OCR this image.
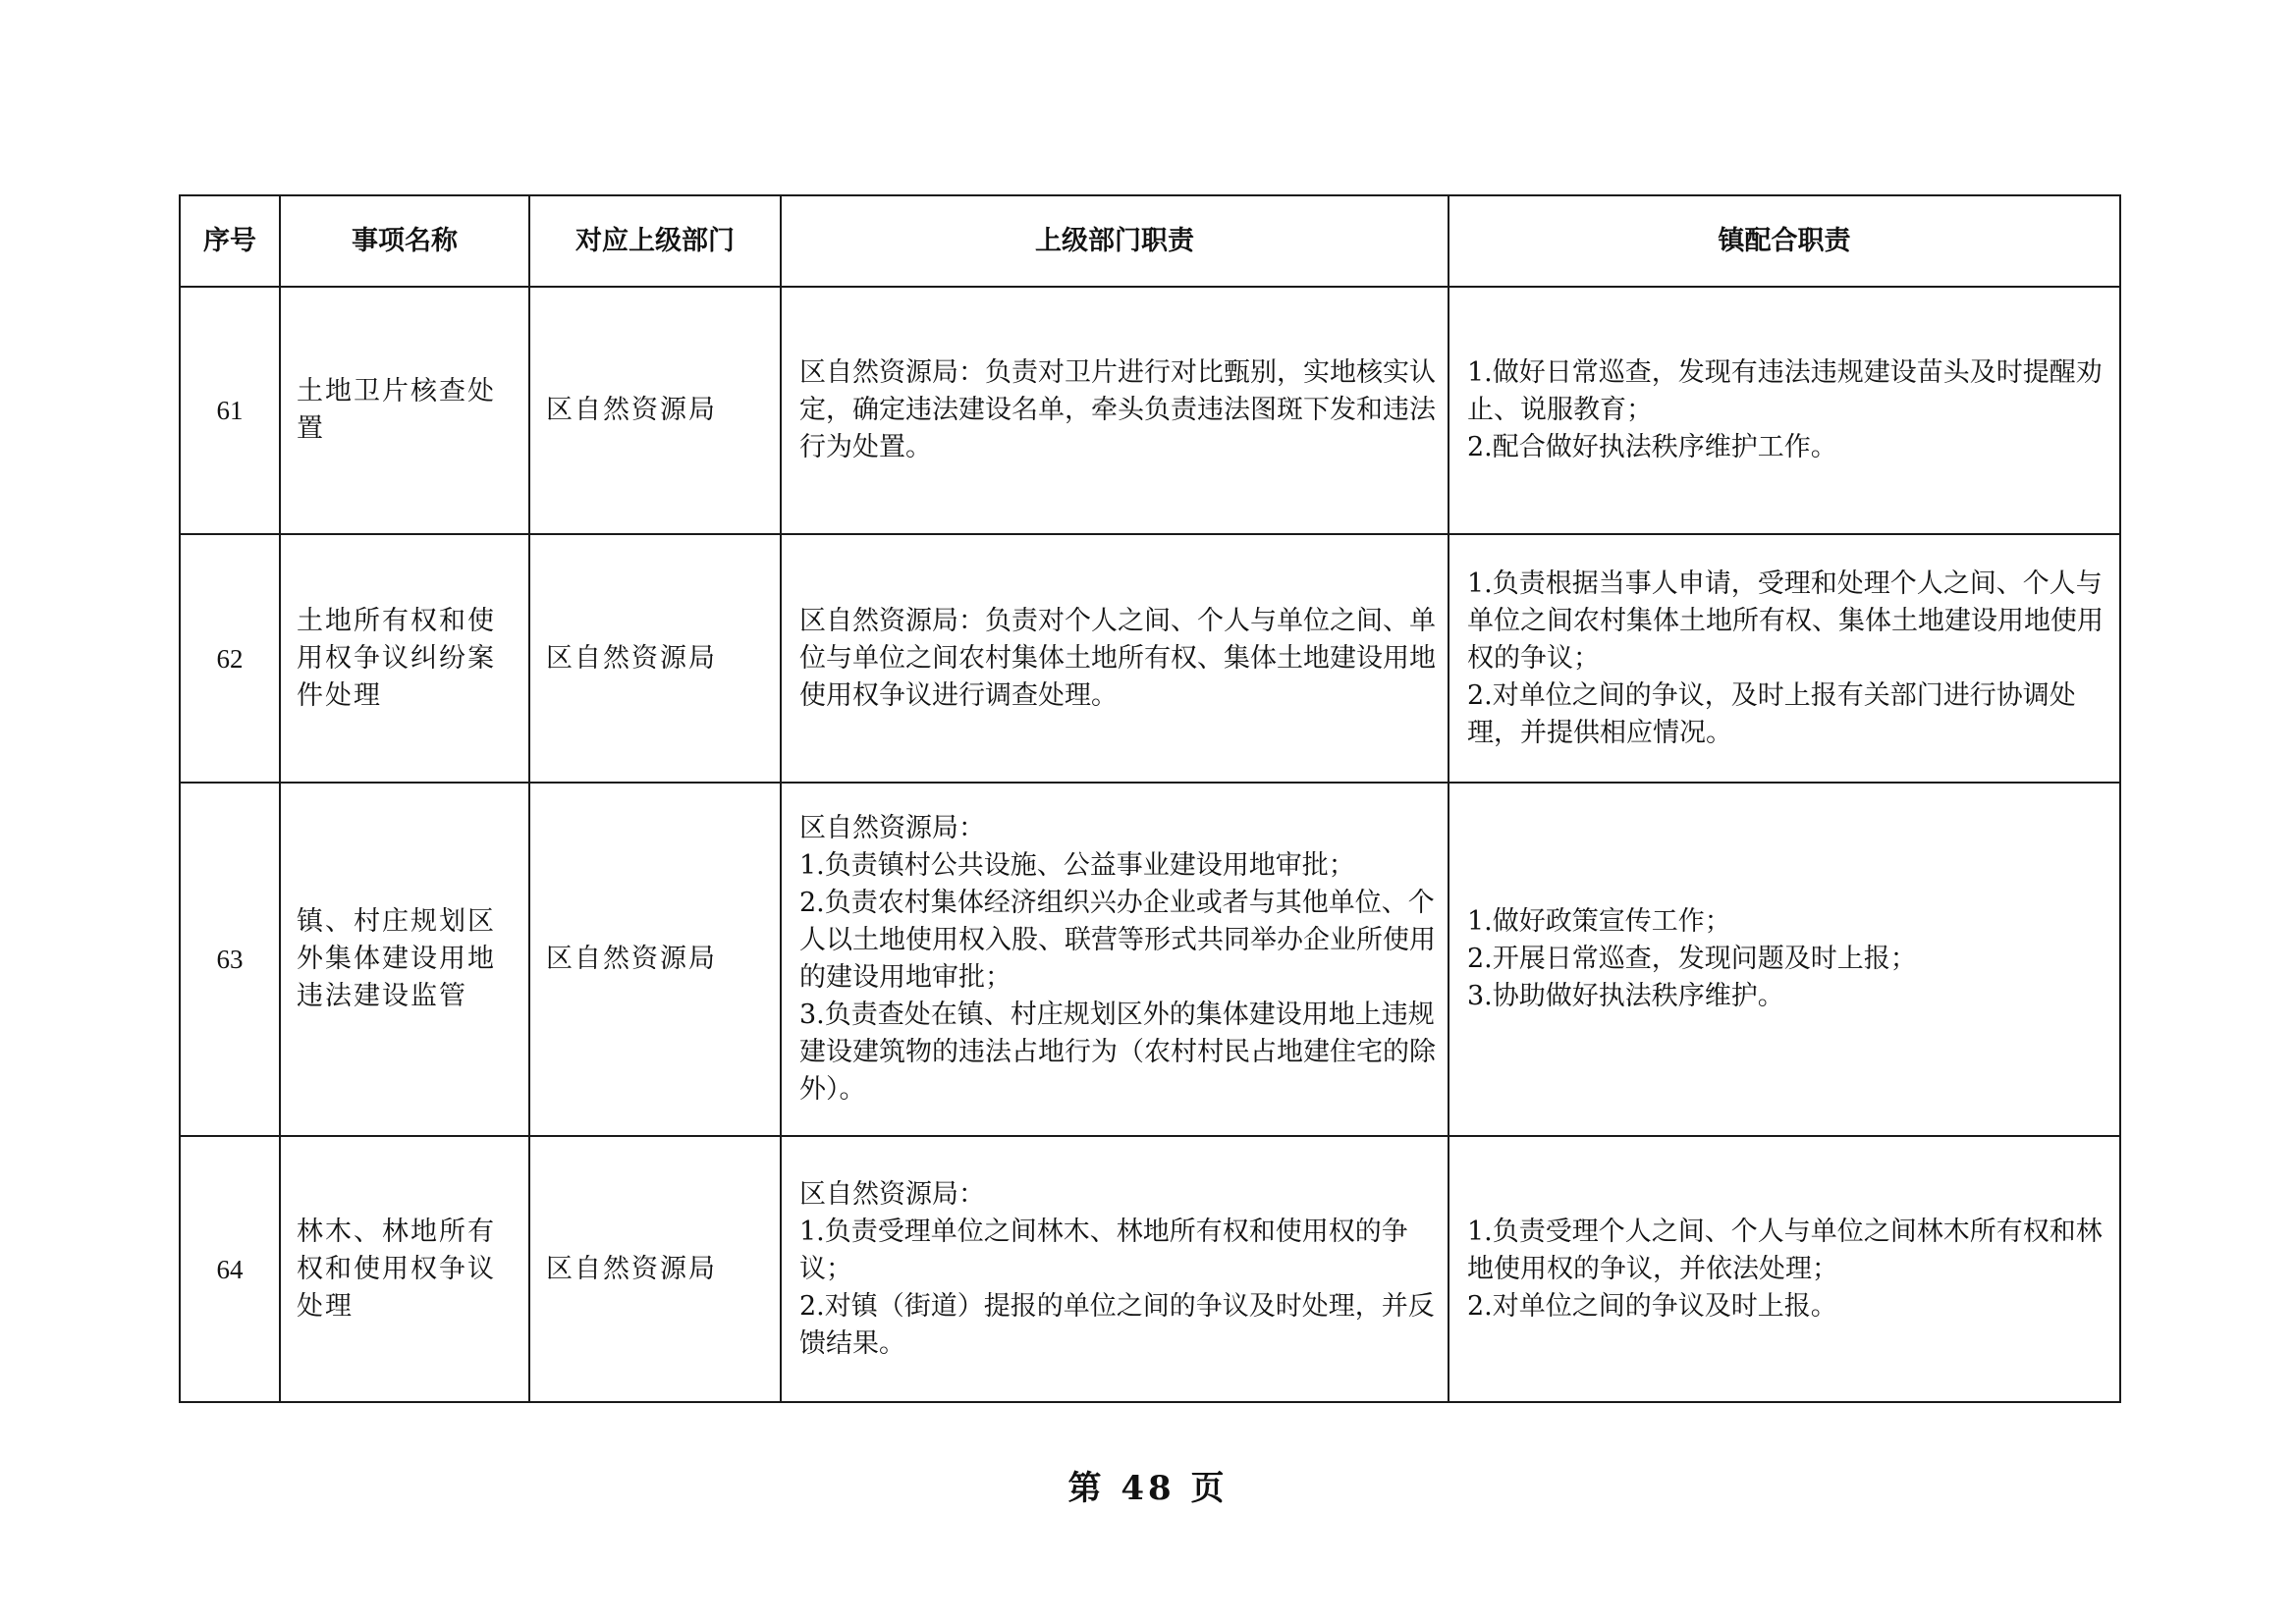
序号	事项名称	对应上级部门	上级部门职责	镇配合职责
61	土地卫片核查处置	区自然资源局	区自然资源局：负责对卫片进行对比甄别，实地核实认定，确定违法建设名单，牵头负责违法图斑下发和违法行为处置。	1.做好日常巡查，发现有违法违规建设苗头及时提醒劝止、说服教育；
2.配合做好执法秩序维护工作。

62	土地所有权和使用权争议纠纷案件处理	区自然资源局	区自然资源局：负责对个人之间、个人与单位之间、单位与单位之间农村集体土地所有权、集体土地建设用地使用权争议进行调查处理。	1.负责根据当事人申请，受理和处理个人之间、个人与单位之间农村集体土地所有权、集体土地建设用地使用权的争议；
2.对单位之间的争议，及时上报有关部门进行协调处理，并提供相应情况。

63	镇、村庄规划区外集体建设用地违法建设监管	区自然资源局	区自然资源局：
1.负责镇村公共设施、公益事业建设用地审批；
2.负责农村集体经济组织兴办企业或者与其他单位、个人以土地使用权入股、联营等形式共同举办企业所使用的建设用地审批；
3.负责查处在镇、村庄规划区外的集体建设用地上违规建设建筑物的违法占地行为（农村村民占地建住宅的除外）。	1.做好政策宣传工作；
2.开展日常巡查，发现问题及时上报；
3.协助做好执法秩序维护。

64	林木、林地所有权和使用权争议处理	区自然资源局	区自然资源局：
1.负责受理单位之间林木、林地所有权和使用权的争议；
2.对镇（街道）提报的单位之间的争议及时处理，并反馈结果。	1.负责受理个人之间、个人与单位之间林木所有权和林地使用权的争议，并依法处理；
2.对单位之间的争议及时上报。
第 48 页
